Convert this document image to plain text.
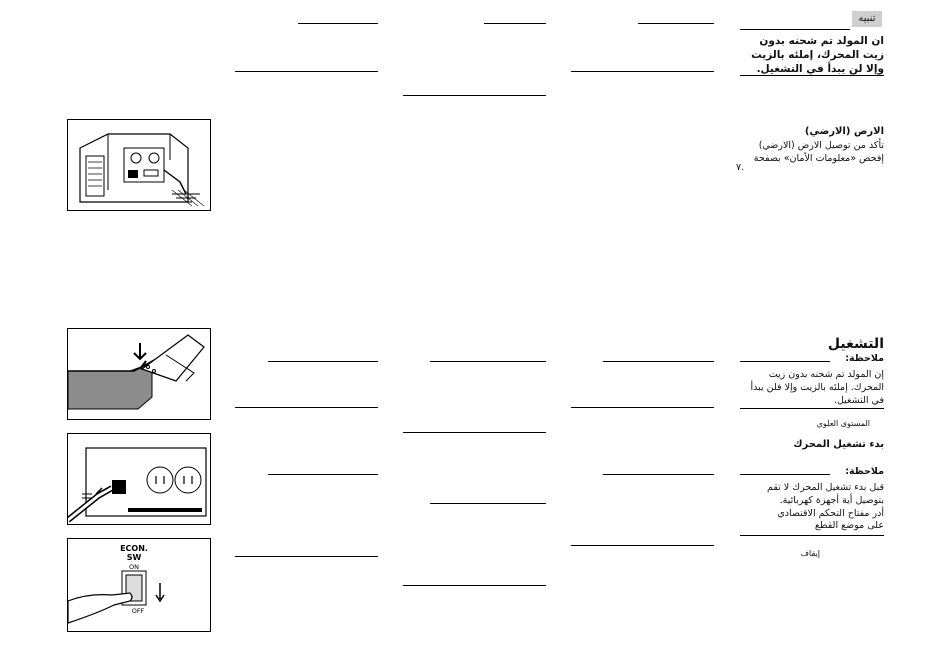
تنبيه
ان المولد تم شحنه بدون زيت المحرك، إملئه بالزيت وإلا لن يبدأ في التشغيل.
الارض (الارضي)
تأكد من توصيل الارض (الارضي)
إفحص «معلومات الأمان» بصفحة
٧.
التشغيل
ملاحظة:
إن المولد تم شحنه بدون زيت المحرك. إملئه بالزيت وإلا فلن يبدأ في التشغيل.
المستوى العلوي
بدء تشغيل المحرك
ملاحظة:
قبل بدء تشغيل المحرك لا تقم
بتوصيل أية أجهزة كهربائية.
أدر مفتاح التحكم الاقتصادي
على موضع القطع
إيقاف
ECON.
SW
ON
OFF
